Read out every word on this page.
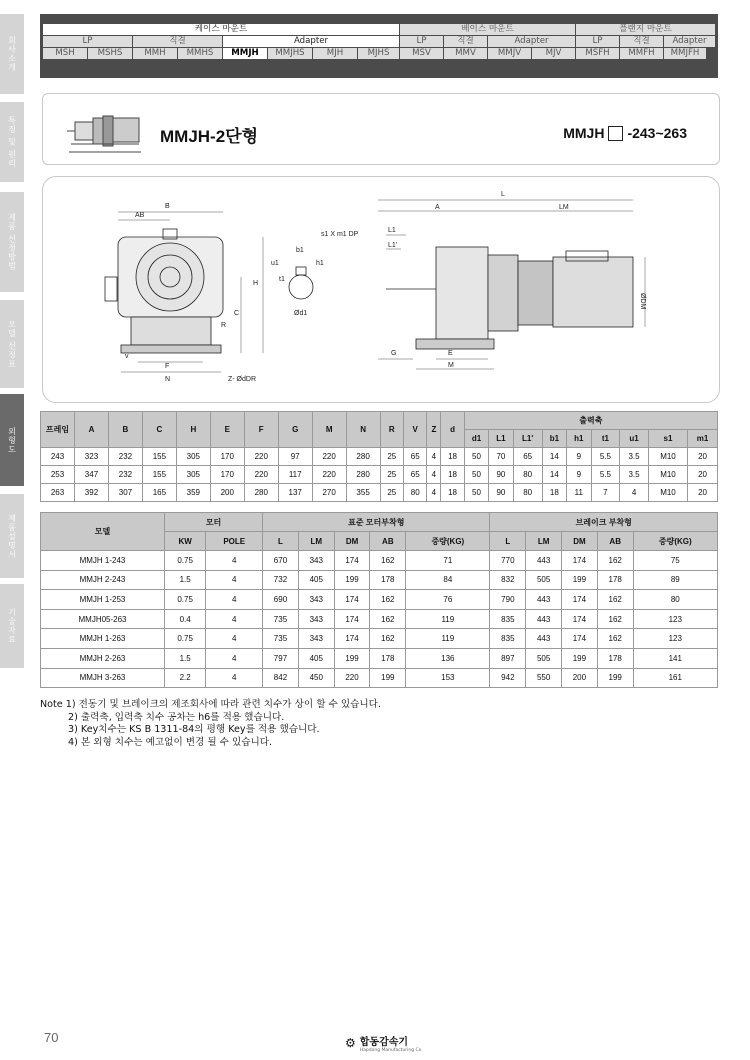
회사소개
특징 및 원리
제품 선정방법
모델 선정표
외형도
제품설명서
기술자료
케이스 마운트	베이스 마운트	플랜지 마운트
LP	직결	Adapter	LP	직결	Adapter	LP	직결	Adapter
MSH	MSHS	MMH	MMHS	MMJH	MMJHS	MJH	MJHS	MSV	MMV	MMJV	MJV	MSFH	MMFH	MMJFH
MMJH-2단형	MMJH -243~263
B
AB
H
C
R
v
F
N	Z- ØdDR
u1
b1
h1
t1
Ød1
s1 X m1 DP
L
A	LM
L1
L1'
G	E
M
ØDM
프레임	A	B	C	H	E	F	G	M	N	R	V	Z	d	출력축								
														d1	L1	L1'	b1	h1	t1	u1	s1	m1
243	323	232	155	305	170	220	97	220	280	25	65	4	18	50	70	65	14	9	5.5	3.5	M10	20
253	347	232	155	305	170	220	117	220	280	25	65	4	18	50	90	80	14	9	5.5	3.5	M10	20
263	392	307	165	359	200	280	137	270	355	25	80	4	18	50	90	80	18	11	7	4	M10	20
모델	모터		표준 모터부착형					브레이크 부착형				
	KW	POLE	L	LM	DM	AB	중량(KG)	L	LM	DM	AB	중량(KG)
MMJH 1-243	0.75	4	670	343	174	162	71	770	443	174	162	75
MMJH 2-243	1.5	4	732	405	199	178	84	832	505	199	178	89
MMJH 1-253	0.75	4	690	343	174	162	76	790	443	174	162	80
MMJH05-263	0.4	4	735	343	174	162	119	835	443	174	162	123
MMJH 1-263	0.75	4	735	343	174	162	119	835	443	174	162	123
MMJH 2-263	1.5	4	797	405	199	178	136	897	505	199	178	141
MMJH 3-263	2.2	4	842	450	220	199	153	942	550	200	199	161
Note 1) 전동기 및 브레이크의 제조회사에 따라 관련 치수가 상이 할 수 있습니다.
2) 출력축, 입력축 치수 공차는 h6를 적용 했습니다.
3) Key치수는 KS B 1311-84의 평행 Key를 적용 했습니다.
4) 본 외형 치수는 예고없이 변경 될 수 있습니다.
70	⚙ 합동감속기
Hapdong Manufacturing Co.
